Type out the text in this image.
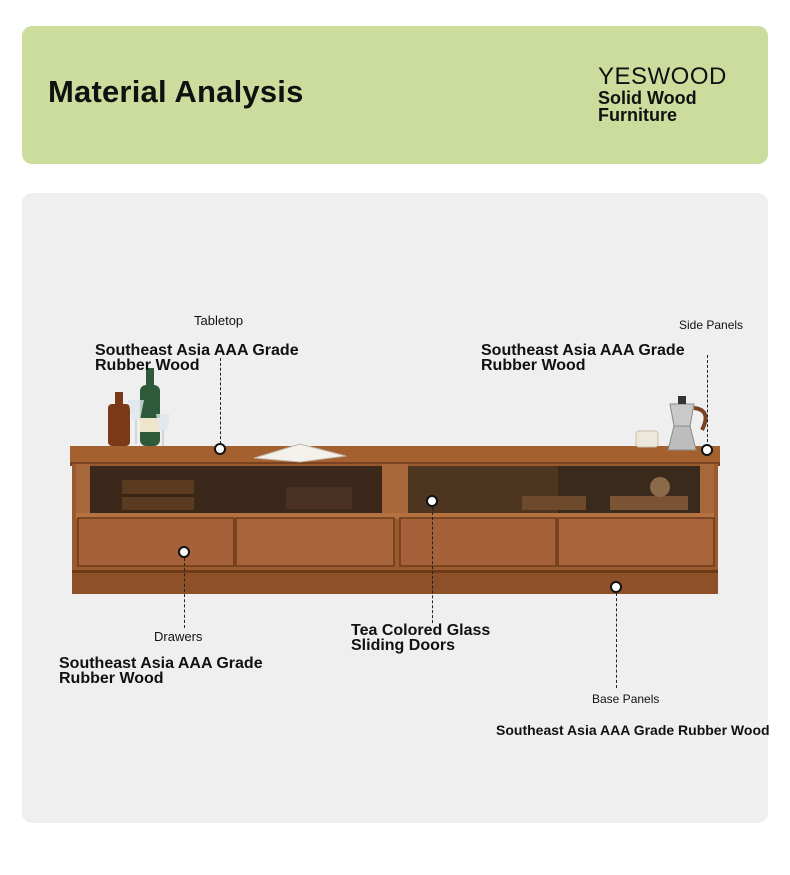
Material Analysis	YESWOOD
Solid Wood
Furniture
Tabletop
Southeast Asia AAA Grade
Rubber Wood
Side Panels
Southeast Asia AAA Grade
Rubber Wood
Drawers
Southeast Asia AAA Grade
Rubber Wood
Tea Colored Glass
Sliding Doors
Base Panels
Southeast Asia AAA Grade Rubber Wood
